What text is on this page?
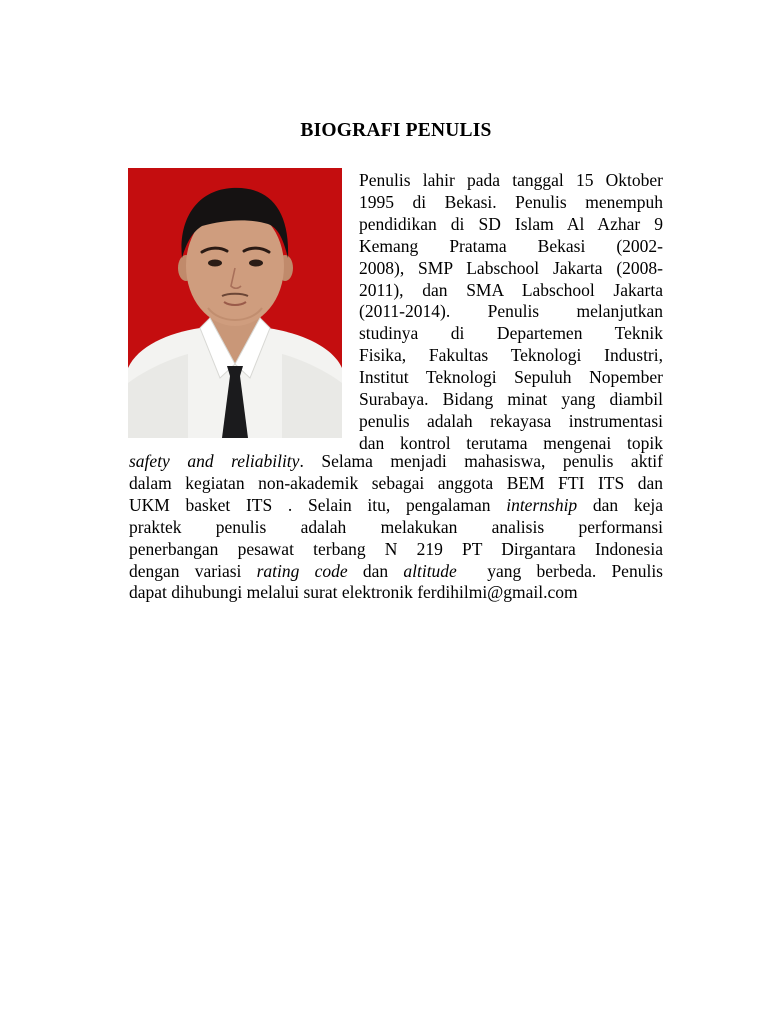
BIOGRAFI PENULIS
Penulis lahir pada tanggal 15 Oktober
1995 di Bekasi. Penulis menempuh
pendidikan di SD Islam Al Azhar 9
Kemang Pratama Bekasi (2002-
2008), SMP Labschool Jakarta (2008-
2011), dan SMA Labschool Jakarta
(2011-2014). Penulis melanjutkan
studinya di Departemen Teknik
Fisika, Fakultas Teknologi Industri,
Institut Teknologi Sepuluh Nopember
Surabaya. Bidang minat yang diambil
penulis adalah rekayasa instrumentasi
dan kontrol terutama mengenai topik
safety and reliability. Selama menjadi mahasiswa, penulis aktif
dalam kegiatan non-akademik sebagai anggota BEM FTI ITS dan
UKM basket ITS . Selain itu, pengalaman internship dan keja
praktek penulis adalah melakukan analisis performansi
penerbangan pesawat terbang N 219 PT Dirgantara Indonesia
dengan variasi rating code dan altitude  yang berbeda. Penulis
dapat dihubungi melalui surat elektronik ferdihilmi@gmail.com
